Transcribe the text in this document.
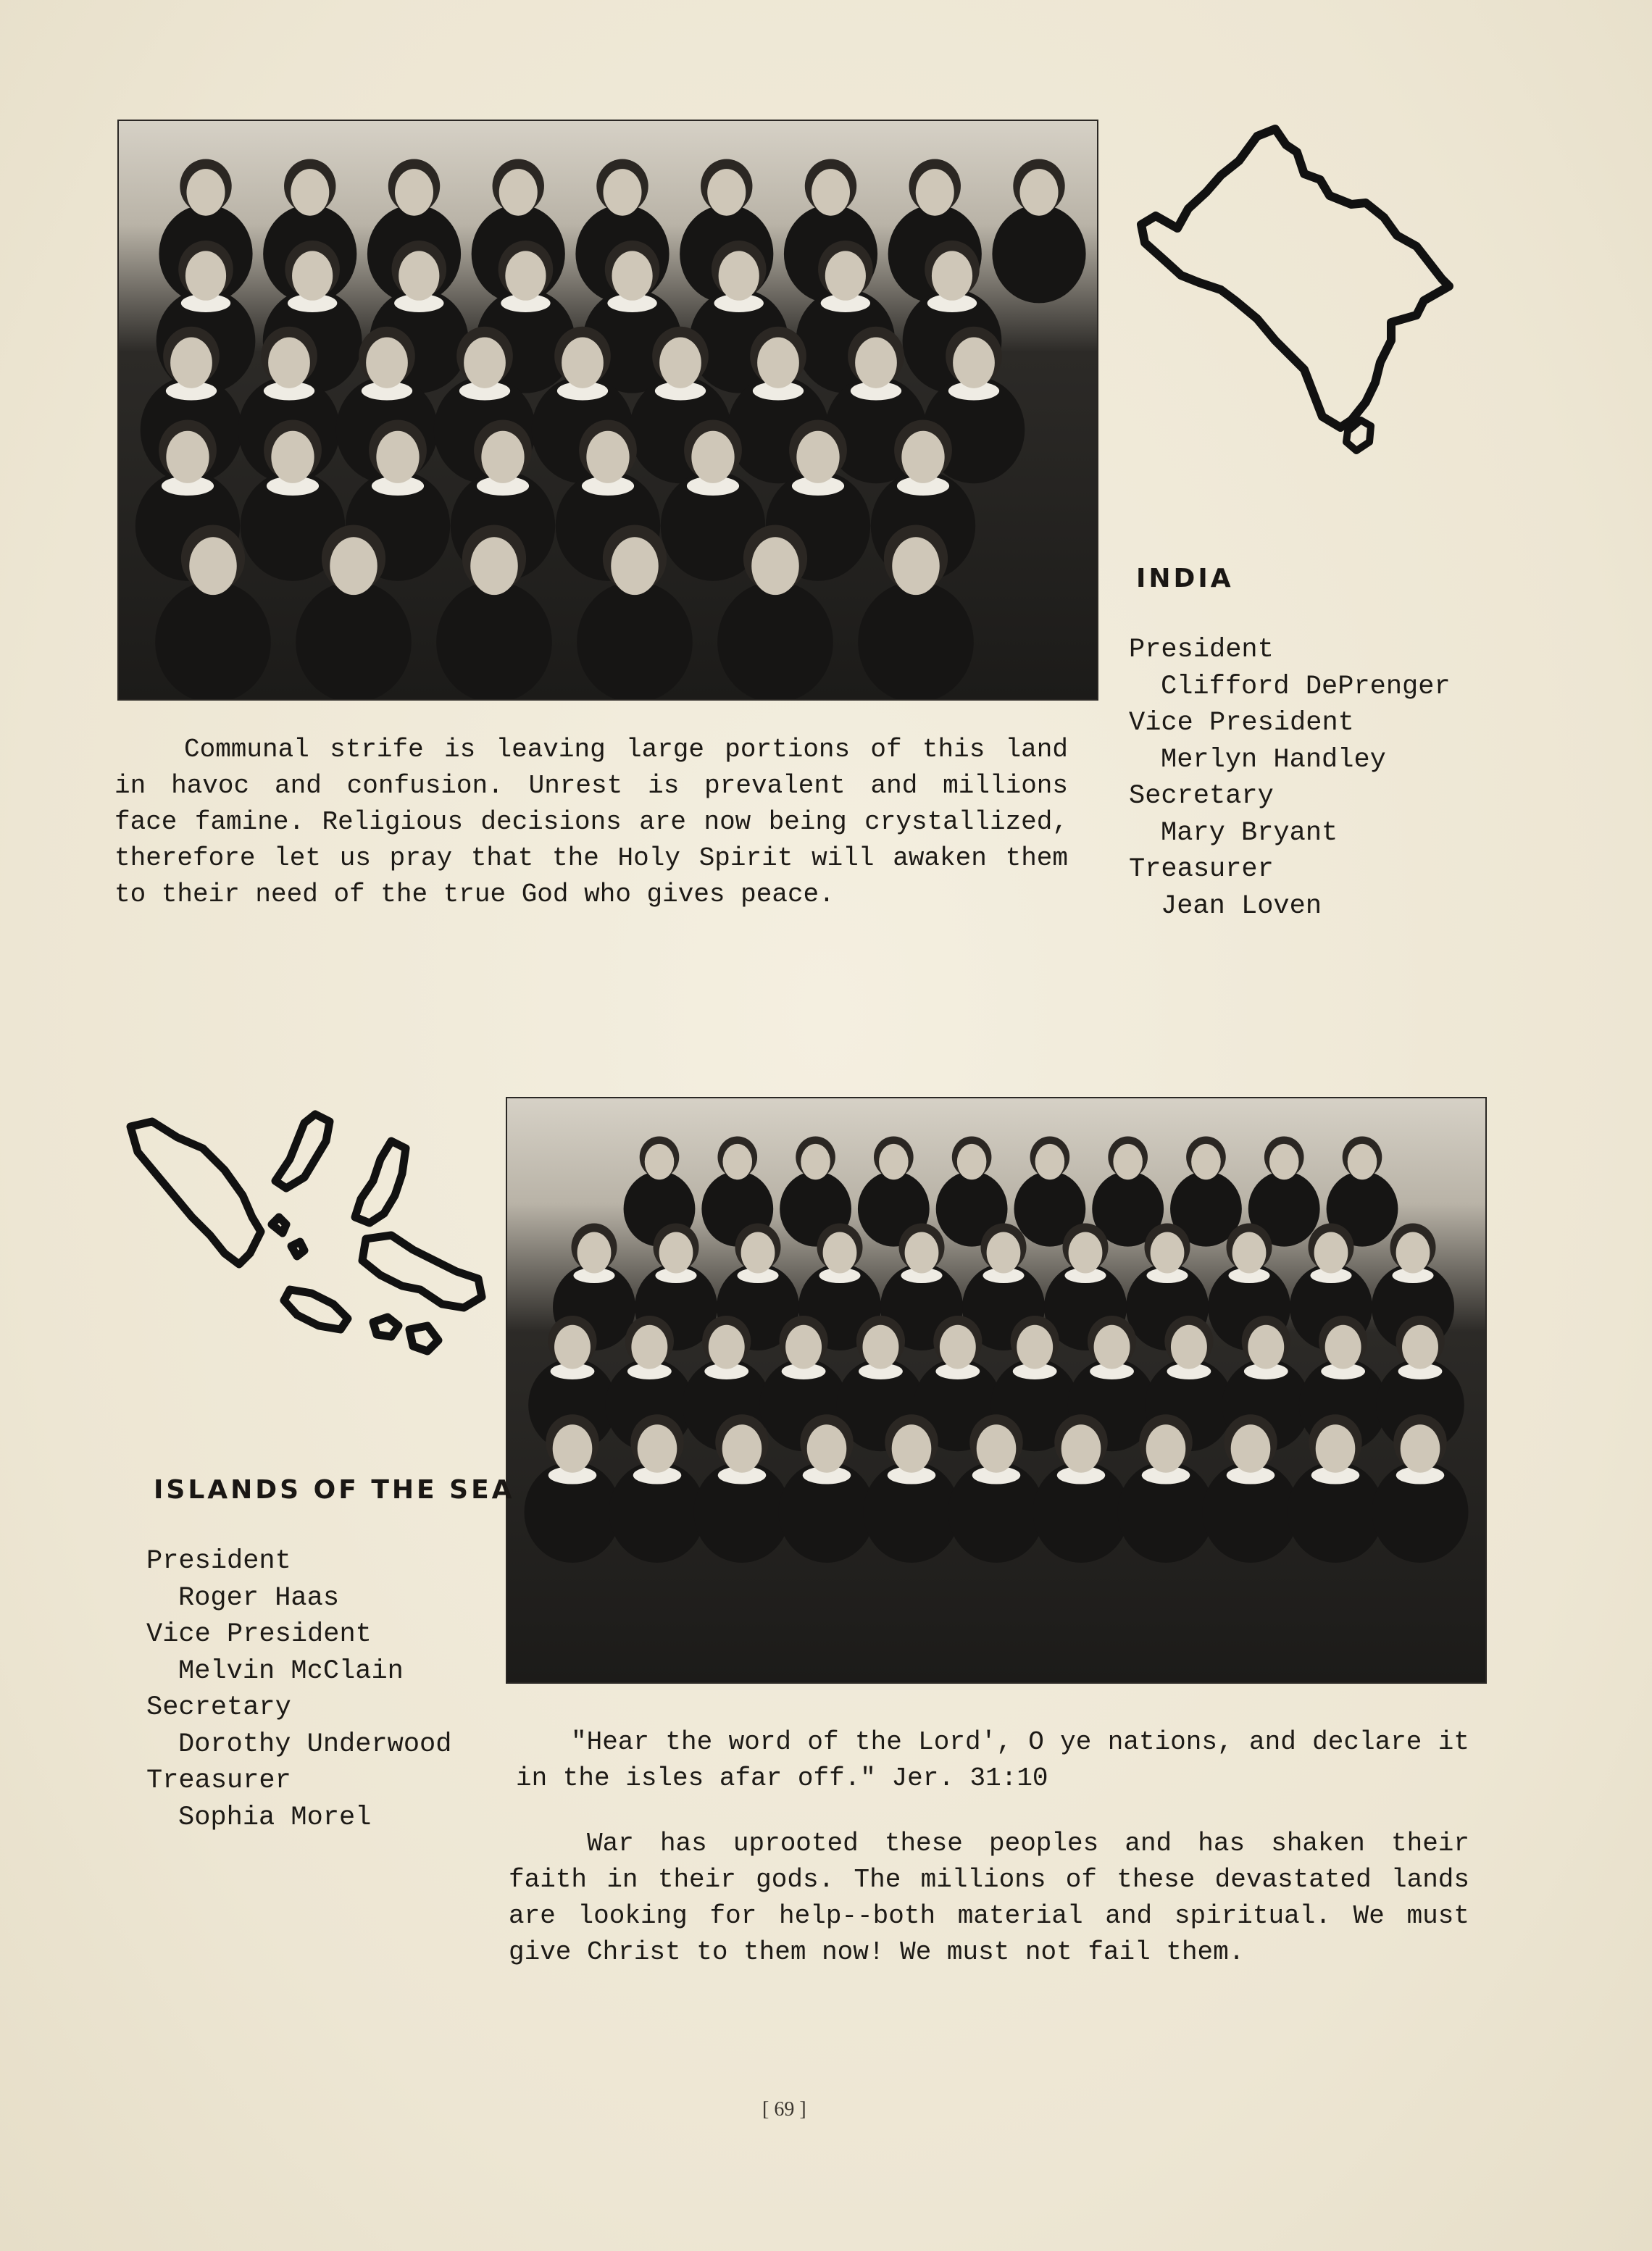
INDIA
President
Clifford DePrenger
Vice President
Merlyn Handley
Secretary
Mary Bryant
Treasurer
Jean Loven

Communal strife is leaving large portions of this land in havoc and confusion. Unrest is prevalent and millions face famine. Religious decisions are now being crystallized, therefore let us pray that the Holy Spirit will awaken them to their need of the true God who gives peace.

ISLANDS OF THE SEA
President
Roger Haas
Vice President
Melvin McClain
Secretary
Dorothy Underwood
Treasurer
Sophia Morel

"Hear the word of the Lord', O ye nations, and declare it in the isles afar off." Jer. 31:10

War has uprooted these peoples and has shaken their faith in their gods. The millions of these devastated lands are looking for help--both material and spiritual. We must give Christ to them now! We must not fail them.

[ 69 ]
